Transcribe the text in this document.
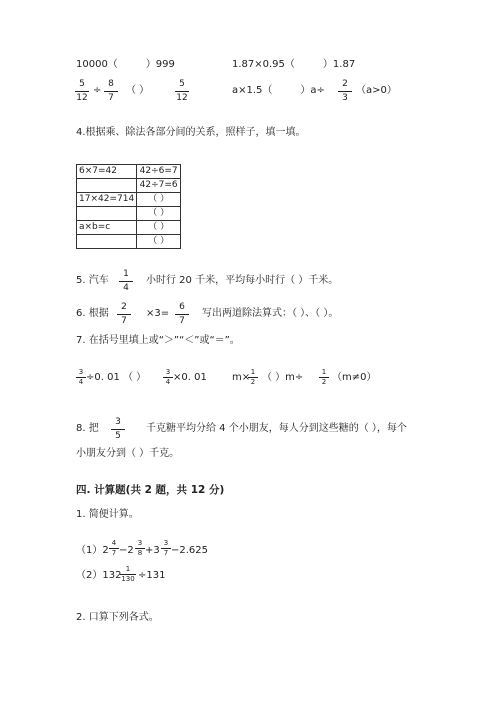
10000（	）999	1.87×0.95（	）1.87
5
12
÷
8
7
（ ）
5
12
a×1.5（	）a÷
2
3
（a>0）
4.根据乘、除法各部分间的关系，照样子，填一填。
6×7=42	42÷6=7
	42÷7=6
17×42=714	（ ）
	（ ）
a×b=c	（ ）
	（ ）
5. 汽车
1
4
小时行 20 千米，平均每小时行（ ）千米。
6. 根据
2
7
×3=
6
7
写出两道除法算式：（ ）、（ ）。
7. 在括号里填上或“＞”“＜”或“＝”。
3
4 ÷0. 01 （ ）	3
4 ×0. 01	m× 1
2 （ ）m÷	1
2 （m≠0）
8. 把
3
5
千克糖平均分给 4 个小朋友，每人分到这些糖的（ ），每个
小朋友分到（ ）千克。
四. 计算题(共 2 题，共 12 分)
1. 简便计算。
（1）2
4
7 −2
3
8 +3
3
7 −2.625
（2）132
1
130 ÷131
2. 口算下列各式。
